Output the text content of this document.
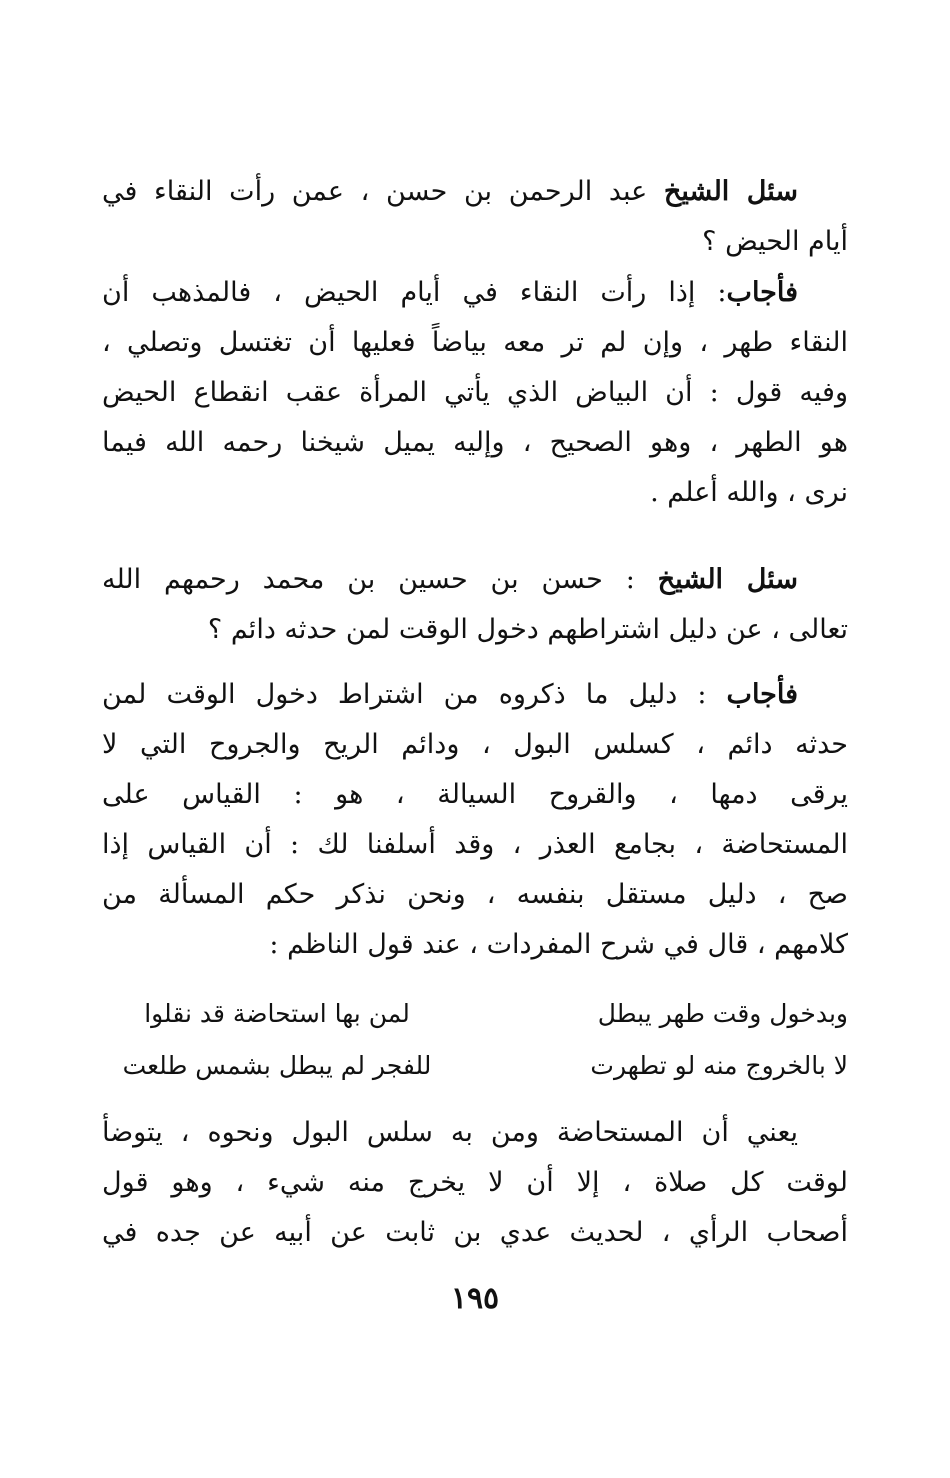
سئل الشيخ عبد الرحمن بن حسن ، عمن رأت النقاء في
أيام الحيض ؟
فأجاب: إذا رأت النقاء في أيام الحيض ، فالمذهب أن
النقاء طهر ، وإن لم تر معه بياضاً فعليها أن تغتسل وتصلي ،
وفيه قول : أن البياض الذي يأتي المرأة عقب انقطاع الحيض
هو الطهر ، وهو الصحيح ، وإليه يميل شيخنا رحمه الله فيما
نرى ، والله أعلم .
سئل الشيخ : حسن بن حسين بن محمد رحمهم الله
تعالى ، عن دليل اشتراطهم دخول الوقت لمن حدثه دائم ؟
فأجاب : دليل ما ذكروه من اشتراط دخول الوقت لمن
حدثه دائم ، كسلس البول ، ودائم الريح والجروح التي لا
يرقى دمها ، والقروح السيالة ، هو : القياس على
المستحاضة ، بجامع العذر ، وقد أسلفنا لك : أن القياس إذا
صح ، دليل مستقل بنفسه ، ونحن نذكر حكم المسألة من
كلامهم ، قال في شرح المفردات ، عند قول الناظم :
وبدخول وقت طهر يبطل
لمن بها استحاضة قد نقلوا
لا بالخروج منه لو تطهرت
للفجر لم يبطل بشمس طلعت
يعني أن المستحاضة ومن به سلس البول ونحوه ، يتوضأ
لوقت كل صلاة ، إلا أن لا يخرج منه شيء ، وهو قول
أصحاب الرأي ، لحديث عدي بن ثابت عن أبيه عن جده في
١٩٥
